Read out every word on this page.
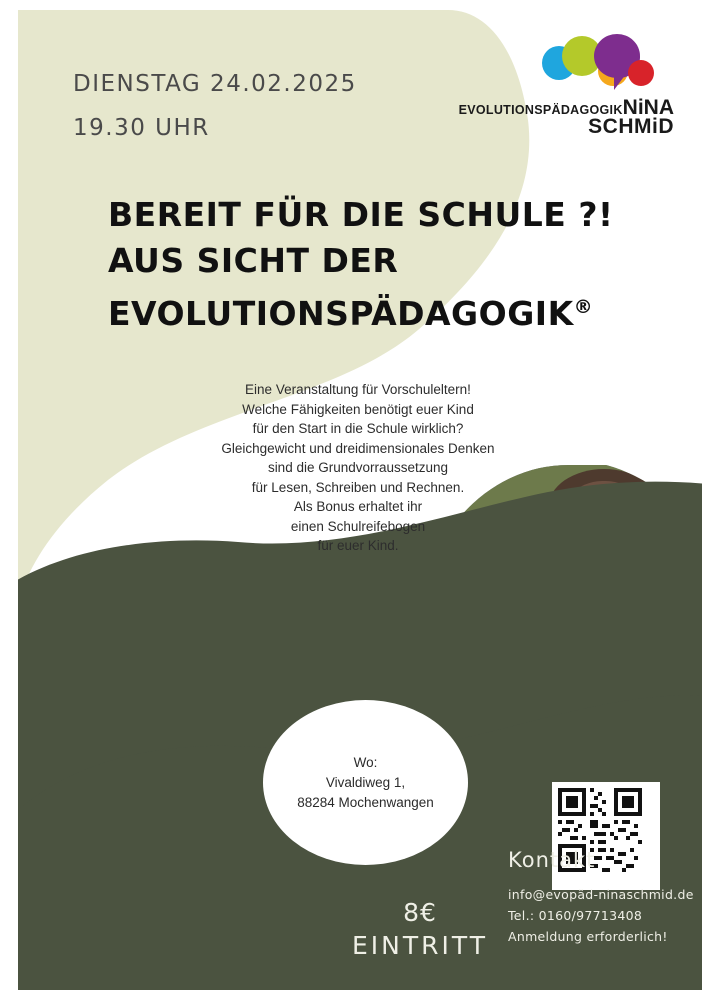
DIENSTAG 24.02.2025
19.30 UHR
EVOLUTIONSPÄDAGOGIKNiNA
SCHMiD
BEREIT FÜR DIE SCHULE ?!
AUS SICHT DER
EVOLUTIONSPÄDAGOGIK®
Eine Veranstaltung für Vorschuleltern!
Welche Fähigkeiten benötigt euer Kind
für den Start in die Schule wirklich?
Gleichgewicht und dreidimensionales Denken
sind die Grundvorraussetzung
für Lesen, Schreiben und Rechnen.
Als Bonus erhaltet ihr
einen Schulreifebogen
für euer Kind.
Wo:
Vivaldiweg 1,
88284 Mochenwangen
Kontakt
info@evopäd-ninaschmid.de
Tel.: 0160/97713408
Anmeldung erforderlich!
8€
EINTRITT
